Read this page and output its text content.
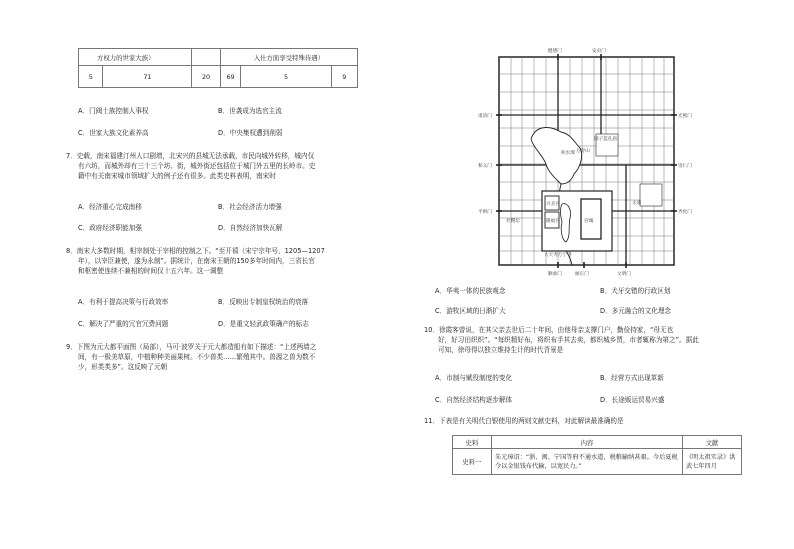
方权力的世家大族）			入仕方面享受特殊待遇）		
5	71	20	69	5	9
A．门阀士族控制人事权	B．世袭成为选官主流
C．世家大族文化素养高	D．中央集权遭到削弱
7．史载，南宋福建汀州人口剧增，北宋兴的县城无法承载，市民向城外转移，城内仅
有六坊，而城外却有三十三个坊、街，城外街还包括位于城门外五里的长岭市。史
籍中有关南宋城市领域扩大的例子还有很多。此类史料表明，南宋时
A．经济重心完成南移	B．社会经济活力增强
C．政府经济职能加强	D．自然经济加快瓦解
8．南宋大多数时期，相宰制处于宰相的控制之下。“至开禧（宋宁宗年号，1205—1207
年），以宰臣兼使，遂为永制”。据统计，在南宋王朝的150多年时间内，三省长官
和枢密使连续不兼相的时间仅十五六年。这一调整
A．有利于提高决策与行政效率	B．反映出专制皇权统治的衰落
C．解决了严重的冗官冗费问题	D．是重文轻武政策确产的标志
9．下图为元大都平面图（局部），马可·波罗关于元大都造船有如下描述：“上述两墙之
间，有一极美草原，中植种种美丽果树。不少兽类……繁殖其中。兽源之兽为数不
少，形类类多”。这反映了元朝
健德门	安贞门
肃清门
和义门
平则门
光熙门
崇仁门
齐化门
顺承门	丽正门	文明门
积水潭
宫城
隆福宫
兴圣宫	太庙
社稷坛
国子监孔庙
万寿山
大天寿万宁寺
A．华夷一体的民族观念	B．犬牙交错的行政区划
C．游牧区域的日渐扩大	D．多元融合的文化理念
10．徐霞客曾说，在其父亲去世后二十年间，由他母亲支撑门户，勤俭持家，“母无也
好，好习田织织”。“每织精好布，将织布手其去卖，都织城乡贾，市者辄称为第之”。据此
可知，徐母得以独立维持生计的时代背景是
A．市制与赋役制度的变化	B．经营方式出现革新
C．自然经济结构逐步解体	D．长途贩运贸易兴盛
11．下表是有关明代白银使用的两则文献史料，对此解读最准确的是
史料	内容	文献
史料一	朱元璋诏：“浙、闽、宁国等府不通水道，税粮输纳甚艰。今后夏税令以金银钱布代输，以宽民力。”	《明太祖实录》洪武七年四月
